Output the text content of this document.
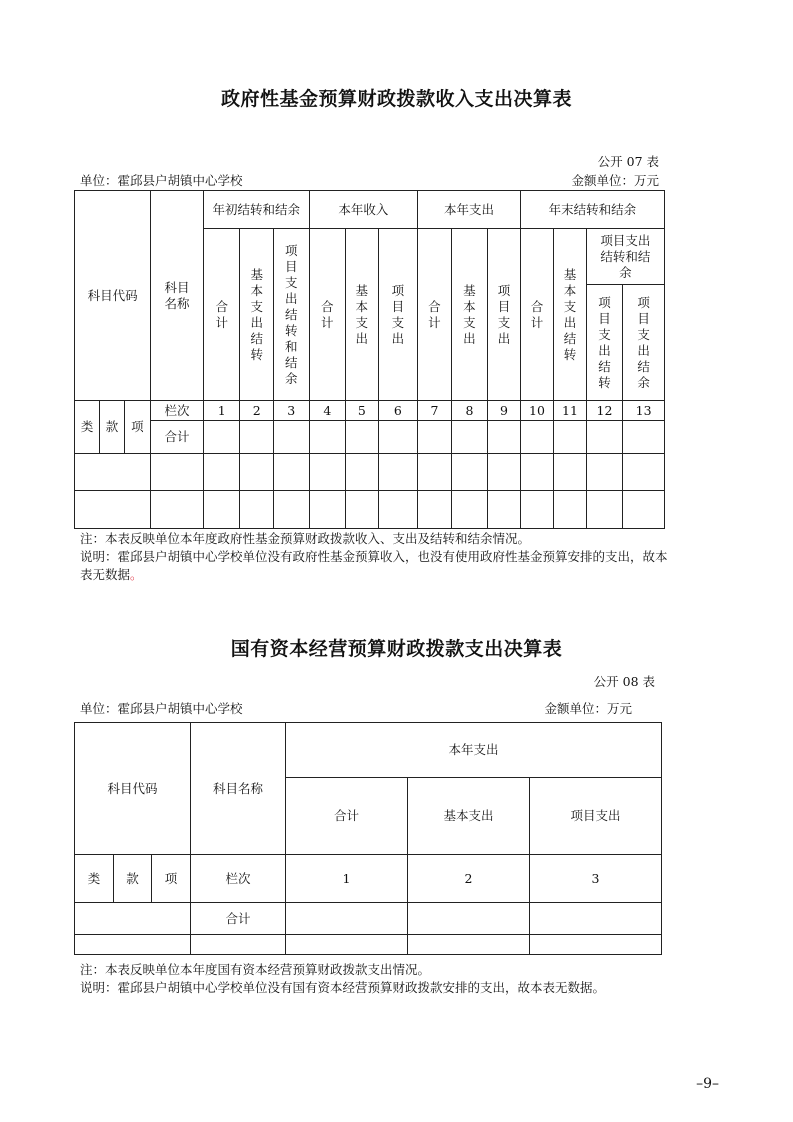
政府性基金预算财政拨款收入支出决算表
公开 07 表
单位：霍邱县户胡镇中心学校	金额单位：万元
科目代码			科目名称	年初结转和结余			本年收入			本年支出			年末结转和结余			

				合计	基本支出结转	项目支出结转和结余	合计	基本支出	项目支出	合计	基本支出	项目支出	合计	基本支出结转	项目支出结转和结余	

															项目支出结转	项目支出结余

类	款	项	栏次	1	2	3	4	5	6	7	8	9	10	11	12	13
			合计													

注：本表反映单位本年度政府性基金预算财政拨款收入、支出及结转和结余情况。
说明：霍邱县户胡镇中心学校单位没有政府性基金预算收入，也没有使用政府性基金预算安排的支出，故本表无数据。
国有资本经营预算财政拨款支出决算表
公开 08 表
单位：霍邱县户胡镇中心学校	金额单位：万元
科目代码			科目名称	本年支出		
				合计	基本支出	项目支出
类	款	项	栏次	1	2	3
			合计			

注：本表反映单位本年度国有资本经营预算财政拨款支出情况。
说明：霍邱县户胡镇中心学校单位没有国有资本经营预算财政拨款安排的支出，故本表无数据。
–9–
